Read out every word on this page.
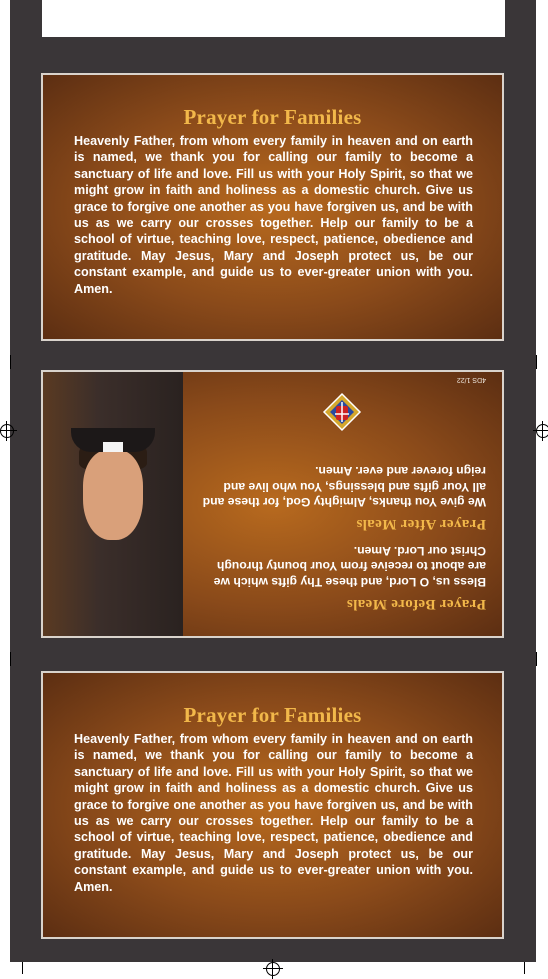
Prayer for Families
Heavenly Father, from whom every family in heaven and on earth is named, we thank you for calling our family to become a sanctuary of life and love. Fill us with your Holy Spirit, so that we might grow in faith and holiness as a domestic church. Give us grace to forgive one another as you have forgiven us, and be with us as we carry our crosses together. Help our family to be a school of virtue, teaching love, respect, patience, obedience and gratitude. May Jesus, Mary and Joseph protect us, be our constant example, and guide us to ever-greater union with you. Amen.
Prayer Before Meals
Bless us, O Lord, and these Thy gifts which we are about to receive from Your bounty through Christ our Lord. Amen.
Prayer After Meals
We give You thanks, Almighty God, for these and all Your gifts and blessings, You who live and reign forever and ever. Amen.
4DS 1/22
Prayer for Families
Heavenly Father, from whom every family in heaven and on earth is named, we thank you for calling our family to become a sanctuary of life and love. Fill us with your Holy Spirit, so that we might grow in faith and holiness as a domestic church. Give us grace to forgive one another as you have forgiven us, and be with us as we carry our crosses together. Help our family to be a school of virtue, teaching love, respect, patience, obedience and gratitude. May Jesus, Mary and Joseph protect us, be our constant example, and guide us to ever-greater union with you. Amen.
